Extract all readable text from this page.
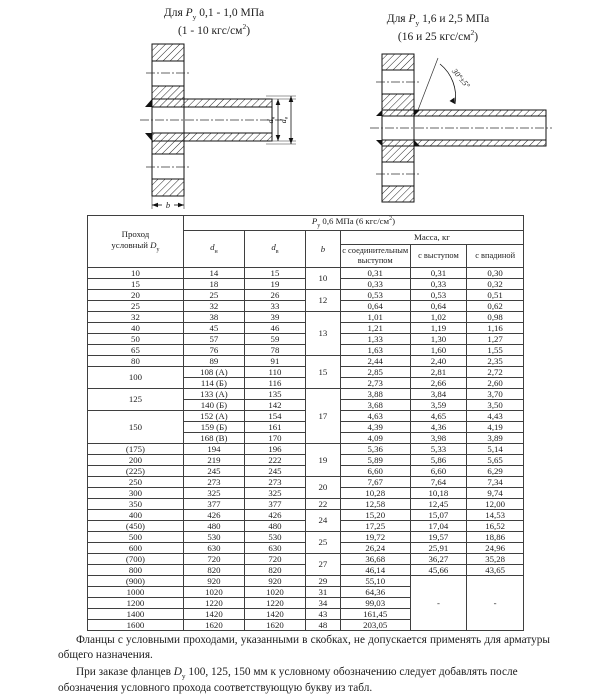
Для $Р_у$ 0,1 - 1,0 МПа
(1 - 10 кгс/$см^2$)
Для $Р_у$ 1,6 и 2,5 МПа
(16 и 25 кгс/$см^2$)
dн
dв
b
30°±5°
Проход
условный $D_у$	$Р_у$ 0,6 МПа (6 кгс/$см^2$)					
	$d_н$	$d_в$	b	Масса, кг		
				с соединительным выступом	с выступом	с впадиной
10	14	15	10	0,31	0,31	0,30
15	18	19		0,33	0,33	0,32
20	25	26	12	0,53	0,53	0,51
25	32	33		0,64	0,64	0,62
32	38	39	13	1,01	1,02	0,98
40	45	46		1,21	1,19	1,16
50	57	59		1,33	1,30	1,27
65	76	78		1,63	1,60	1,55
80	89	91	15	2,44	2,40	2,35
100	108 (А)	110		2,85	2,81	2,72
	114 (Б)	116		2,73	2,66	2,60
125	133 (А)	135	17	3,88	3,84	3,70
	140 (Б)	142		3,68	3,59	3,50
150	152 (А)	154		4,63	4,65	4,43
	159 (Б)	161		4,39	4,36	4,19
	168 (В)	170		4,09	3,98	3,89
(175)	194	196	19	5,36	5,33	5,14
200	219	222		5,89	5,86	5,65
(225)	245	245		6,60	6,60	6,29
250	273	273	20	7,67	7,64	7,34
300	325	325		10,28	10,18	9,74
350	377	377	22	12,58	12,45	12,00
400	426	426	24	15,20	15,07	14,53
(450)	480	480		17,25	17,04	16,52
500	530	530	25	19,72	19,57	18,86
600	630	630		26,24	25,91	24,96
(700)	720	720	27	36,68	36,27	35,28
800	820	820		46,14	45,66	43,65
(900)	920	920	29	55,10	-	-
1000	1020	1020	31	64,36		
1200	1220	1220	34	99,03		
1400	1420	1420	43	161,45		
1600	1620	1620	48	203,05		

Фланцы с условными проходами, указанными в скобках, не допускается применять для арматуры общего назначения.

При заказе фланцев $D_у$ 100, 125, 150 мм к условному обозначению следует добавлять после обозначения условного прохода соответствующую букву из табл.
